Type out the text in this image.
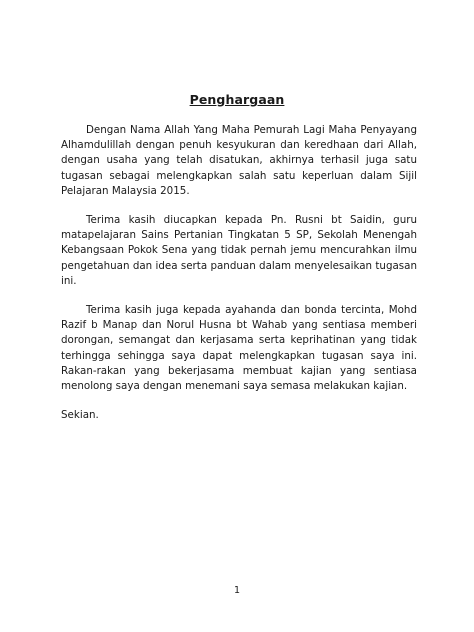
Penghargaan

Dengan Nama Allah Yang Maha Pemurah Lagi Maha Penyayang Alhamdulillah dengan penuh kesyukuran dan keredhaan dari Allah, dengan usaha yang telah disatukan, akhirnya terhasil juga satu tugasan sebagai melengkapkan salah satu keperluan dalam Sijil Pelajaran Malaysia 2015.

Terima kasih diucapkan kepada Pn. Rusni bt Saidin, guru matapelajaran Sains Pertanian Tingkatan 5 SP, Sekolah Menengah Kebangsaan Pokok Sena yang tidak pernah jemu mencurahkan ilmu pengetahuan dan idea serta panduan dalam menyelesaikan tugasan ini.

Terima kasih juga kepada ayahanda dan bonda tercinta, Mohd Razif b Manap dan Norul Husna bt Wahab yang sentiasa memberi dorongan, semangat dan kerjasama serta keprihatinan yang tidak terhingga sehingga saya dapat melengkapkan tugasan saya ini. Rakan-rakan yang bekerjasama membuat kajian yang sentiasa menolong saya dengan menemani saya semasa melakukan kajian.

Sekian.

1
